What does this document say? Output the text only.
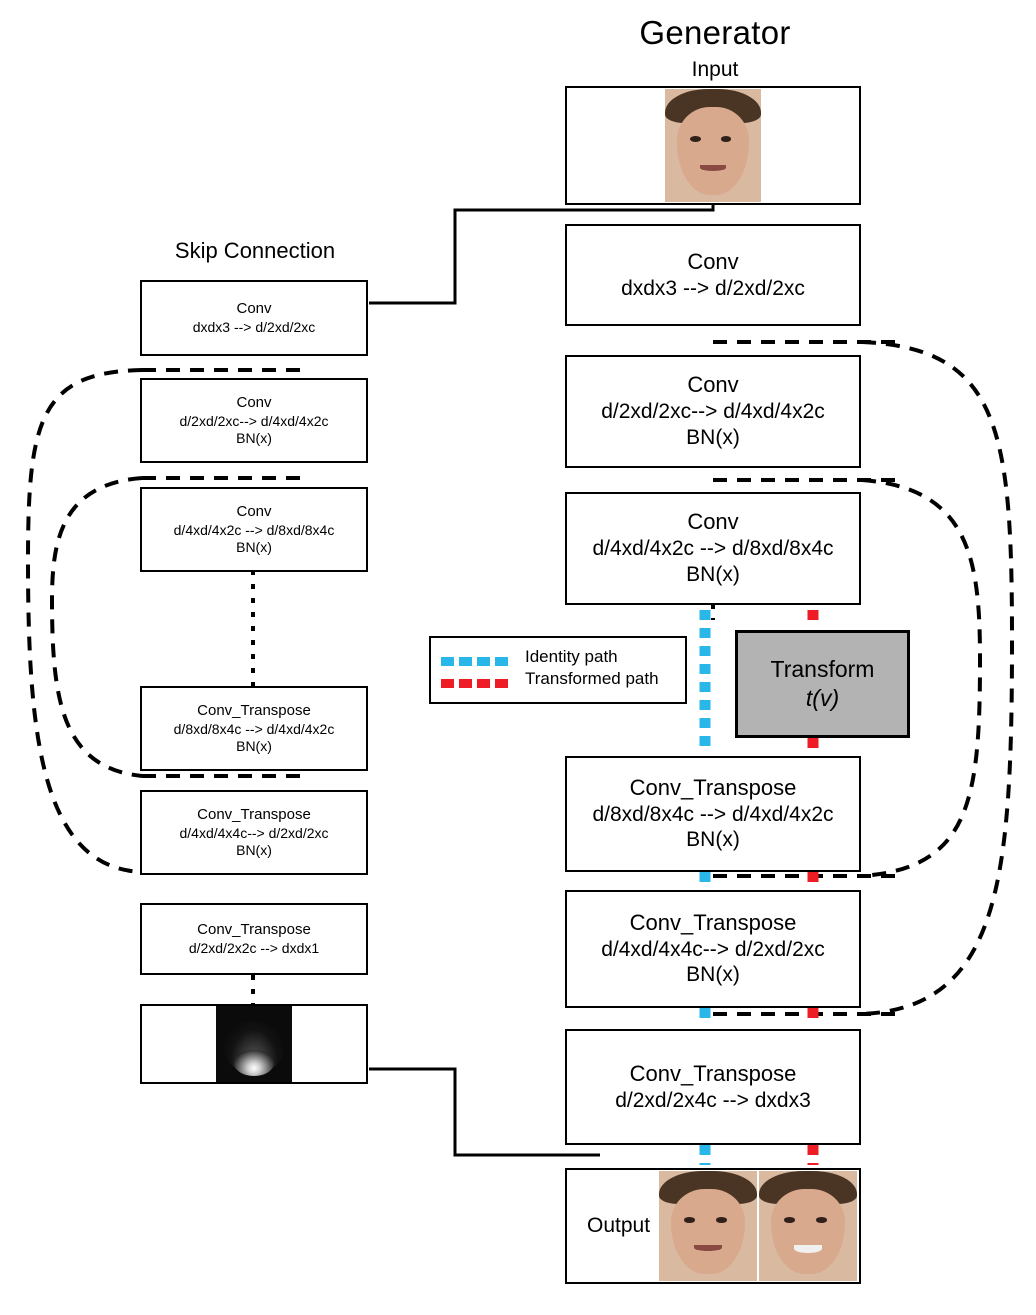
Generator
Input
Skip Connection	Conv
dxdx3 --> d/2xd/2xc
Conv
d/2xd/2xc--> d/4xd/4x2c
BN(x)
Conv
d/4xd/4x2c --> d/8xd/8x4c
BN(x)
Transform
t(v)
Identity path
Transformed path
Conv_Transpose
d/8xd/8x4c --> d/4xd/4x2c
BN(x)
Conv_Transpose
d/4xd/4x4c--> d/2xd/2xc
BN(x)
Conv_Transpose
d/2xd/2x4c --> dxdx3
Output
Conv
dxdx3 --> d/2xd/2xc
Conv
d/2xd/2xc--> d/4xd/4x2c
BN(x)
Conv
d/4xd/4x2c --> d/8xd/8x4c
BN(x)
Conv_Transpose
d/8xd/8x4c --> d/4xd/4x2c
BN(x)
Conv_Transpose
d/4xd/4x4c--> d/2xd/2xc
BN(x)
Conv_Transpose
d/2xd/2x2c --> dxdx1
